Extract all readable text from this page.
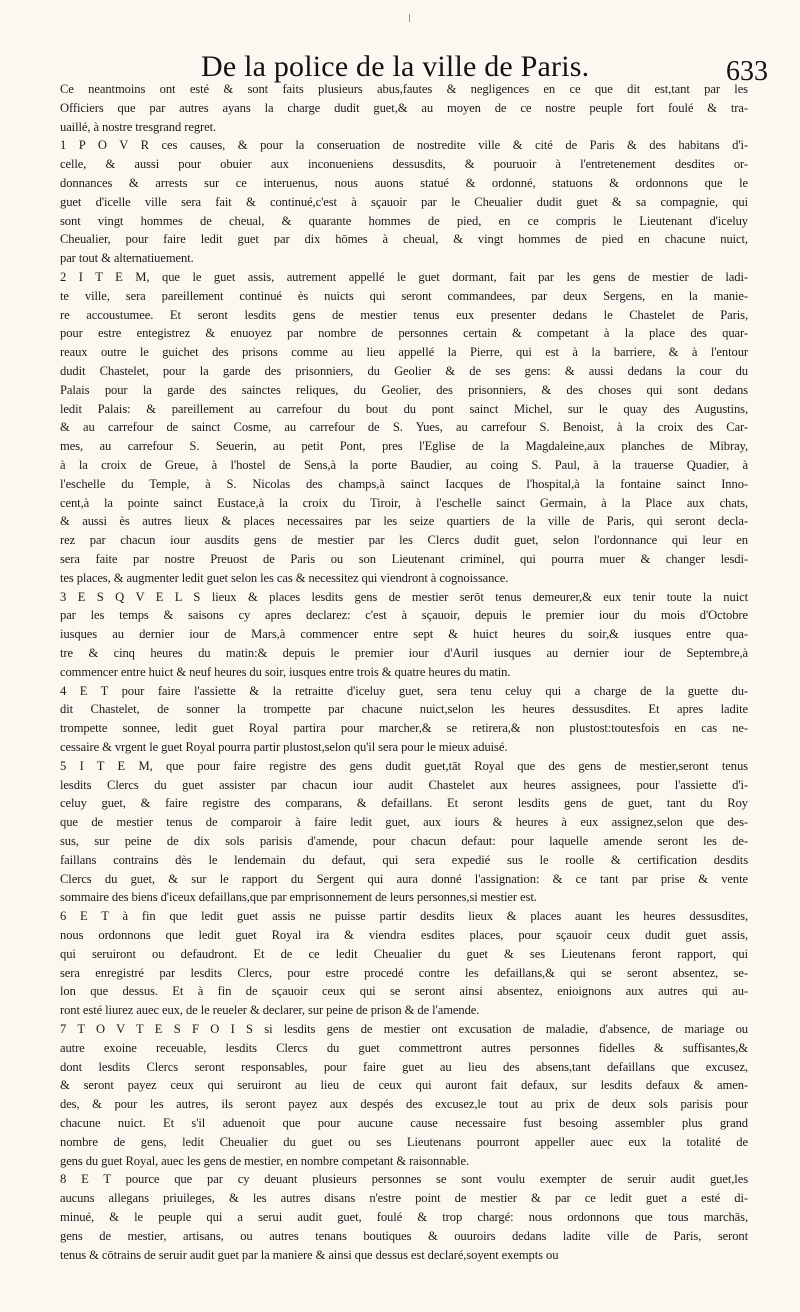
De la police de la ville de Paris.	633
Ce neantmoins ont esté & sont faits plusieurs abus,fautes & negligences en ce que dit est,tant par les
Officiers que par autres ayans la charge dudit guet,& au moyen de ce nostre peuple fort foulé & tra-
uaillé, à nostre tresgrand regret.
1 P O V R ces causes, & pour la conseruation de nostredite ville & cité de Paris & des habitans d'i-
celle, & aussi pour obuier aux inconueniens dessusdits, & pouruoir à l'entretenement desdites or-
donnances & arrests sur ce interuenus, nous auons statué & ordonné, statuons & ordonnons que le
guet d'icelle ville sera fait & continué,c'est à sçauoir par le Cheualier dudit guet & sa compagnie, qui
sont vingt hommes de cheual, & quarante hommes de pied, en ce compris le Lieutenant d'iceluy
Cheualier, pour faire ledit guet par dix hōmes à cheual, & vingt hommes de pied en chacune nuict,
par tout & alternatiuement.
2 I T E M, que le guet assis, autrement appellé le guet dormant, fait par les gens de mestier de ladi-
te ville, sera pareillement continué ès nuicts qui seront commandees, par deux Sergens, en la manie-
re accoustumee. Et seront lesdits gens de mestier tenus eux presenter dedans le Chastelet de Paris,
pour estre entegistrez & enuoyez par nombre de personnes certain & competant à la place des quar-
reaux outre le guichet des prisons comme au lieu appellé la Pierre, qui est à la barriere, & à l'entour
dudit Chastelet, pour la garde des prisonniers, du Geolier & de ses gens: & aussi dedans la cour du
Palais pour la garde des sainctes reliques, du Geolier, des prisonniers, & des choses qui sont dedans
ledit Palais: & pareillement au carrefour du bout du pont sainct Michel, sur le quay des Augustins,
& au carrefour de sainct Cosme, au carrefour de S. Yues, au carrefour S. Benoist, à la croix des Car-
mes, au carrefour S. Seuerin, au petit Pont, pres l'Eglise de la Magdaleine,aux planches de Mibray,
à la croix de Greue, à l'hostel de Sens,à la porte Baudier, au coing S. Paul, à la trauerse Quadier, à
l'eschelle du Temple, à S. Nicolas des champs,à sainct Iacques de l'hospital,à la fontaine sainct Inno-
cent,à la pointe sainct Eustace,à la croix du Tiroir, à l'eschelle sainct Germain, à la Place aux chats,
& aussi ès autres lieux & places necessaires par les seize quartiers de la ville de Paris, qui seront decla-
rez par chacun iour ausdits gens de mestier par les Clercs dudit guet, selon l'ordonnance qui leur en
sera faite par nostre Preuost de Paris ou son Lieutenant criminel, qui pourra muer & changer lesdi-
tes places, & augmenter ledit guet selon les cas & necessitez qui viendront à cognoissance.
3 E S Q V E L S lieux & places lesdits gens de mestier serōt tenus demeurer,& eux tenir toute la nuict
par les temps & saisons cy apres declarez: c'est à sçauoir, depuis le premier iour du mois d'Octobre
iusques au dernier iour de Mars,à commencer entre sept & huict heures du soir,& iusques entre qua-
tre & cinq heures du matin:& depuis le premier iour d'Auril iusques au dernier iour de Septembre,à
commencer entre huict & neuf heures du soir, iusques entre trois & quatre heures du matin.
4 E T pour faire l'assiette & la retraitte d'iceluy guet, sera tenu celuy qui a charge de la guette du-
dit Chastelet, de sonner la trompette par chacune nuict,selon les heures dessusdites. Et apres ladite
trompette sonnee, ledit guet Royal partira pour marcher,& se retirera,& non plustost:toutesfois en cas ne-
cessaire & vrgent le guet Royal pourra partir plustost,selon qu'il sera pour le mieux aduisé.
5 I T E M, que pour faire registre des gens dudit guet,tāt Royal que des gens de mestier,seront tenus
lesdits Clercs du guet assister par chacun iour audit Chastelet aux heures assignees, pour l'assiette d'i-
celuy guet, & faire registre des comparans, & defaillans. Et seront lesdits gens de guet, tant du Roy
que de mestier tenus de comparoir à faire ledit guet, aux iours & heures à eux assignez,selon que des-
sus, sur peine de dix sols parisis d'amende, pour chacun defaut: pour laquelle amende seront les de-
faillans contrains dès le lendemain du defaut, qui sera expedié sus le roolle & certification desdits
Clercs du guet, & sur le rapport du Sergent qui aura donné l'assignation: & ce tant par prise & vente
sommaire des biens d'iceux defaillans,que par emprisonnement de leurs personnes,si mestier est.
6 E T à fin que ledit guet assis ne puisse partir desdits lieux & places auant les heures dessusdites,
nous ordonnons que ledit guet Royal ira & viendra esdites places, pour sçauoir ceux dudit guet assis,
qui seruiront ou defaudront. Et de ce ledit Cheualier du guet & ses Lieutenans feront rapport, qui
sera enregistré par lesdits Clercs, pour estre procedé contre les defaillans,& qui se seront absentez, se-
lon que dessus. Et à fin de sçauoir ceux qui se seront ainsi absentez, enioignons aux autres qui au-
ront esté liurez auec eux, de le reueler & declarer, sur peine de prison & de l'amende.
7 T O V T E S F O I S si lesdits gens de mestier ont excusation de maladie, d'absence, de mariage ou
autre exoine receuable, lesdits Clercs du guet commettront autres personnes fidelles & suffisantes,&
dont lesdits Clercs seront responsables, pour faire guet au lieu des absens,tant defaillans que excusez,
& seront payez ceux qui seruiront au lieu de ceux qui auront fait defaux, sur lesdits defaux & amen-
des, & pour les autres, ils seront payez aux despés des excusez,le tout au prix de deux sols parisis pour
chacune nuict. Et s'il aduenoit que pour aucune cause necessaire fust besoing assembler plus grand
nombre de gens, ledit Cheualier du guet ou ses Lieutenans pourront appeller auec eux la totalité de
gens du guet Royal, auec les gens de mestier, en nombre competant & raisonnable.
8 E T pource que par cy deuant plusieurs personnes se sont voulu exempter de seruir audit guet,les
aucuns allegans priuileges, & les autres disans n'estre point de mestier & par ce ledit guet a esté di-
minué, & le peuple qui a serui audit guet, foulé & trop chargé: nous ordonnons que tous marchās,
gens de mestier, artisans, ou autres tenans boutiques & ouuroirs dedans ladite ville de Paris, seront
tenus & cōtrains de seruir audit guet par la maniere & ainsi que dessus est declaré,soyent exempts ou
